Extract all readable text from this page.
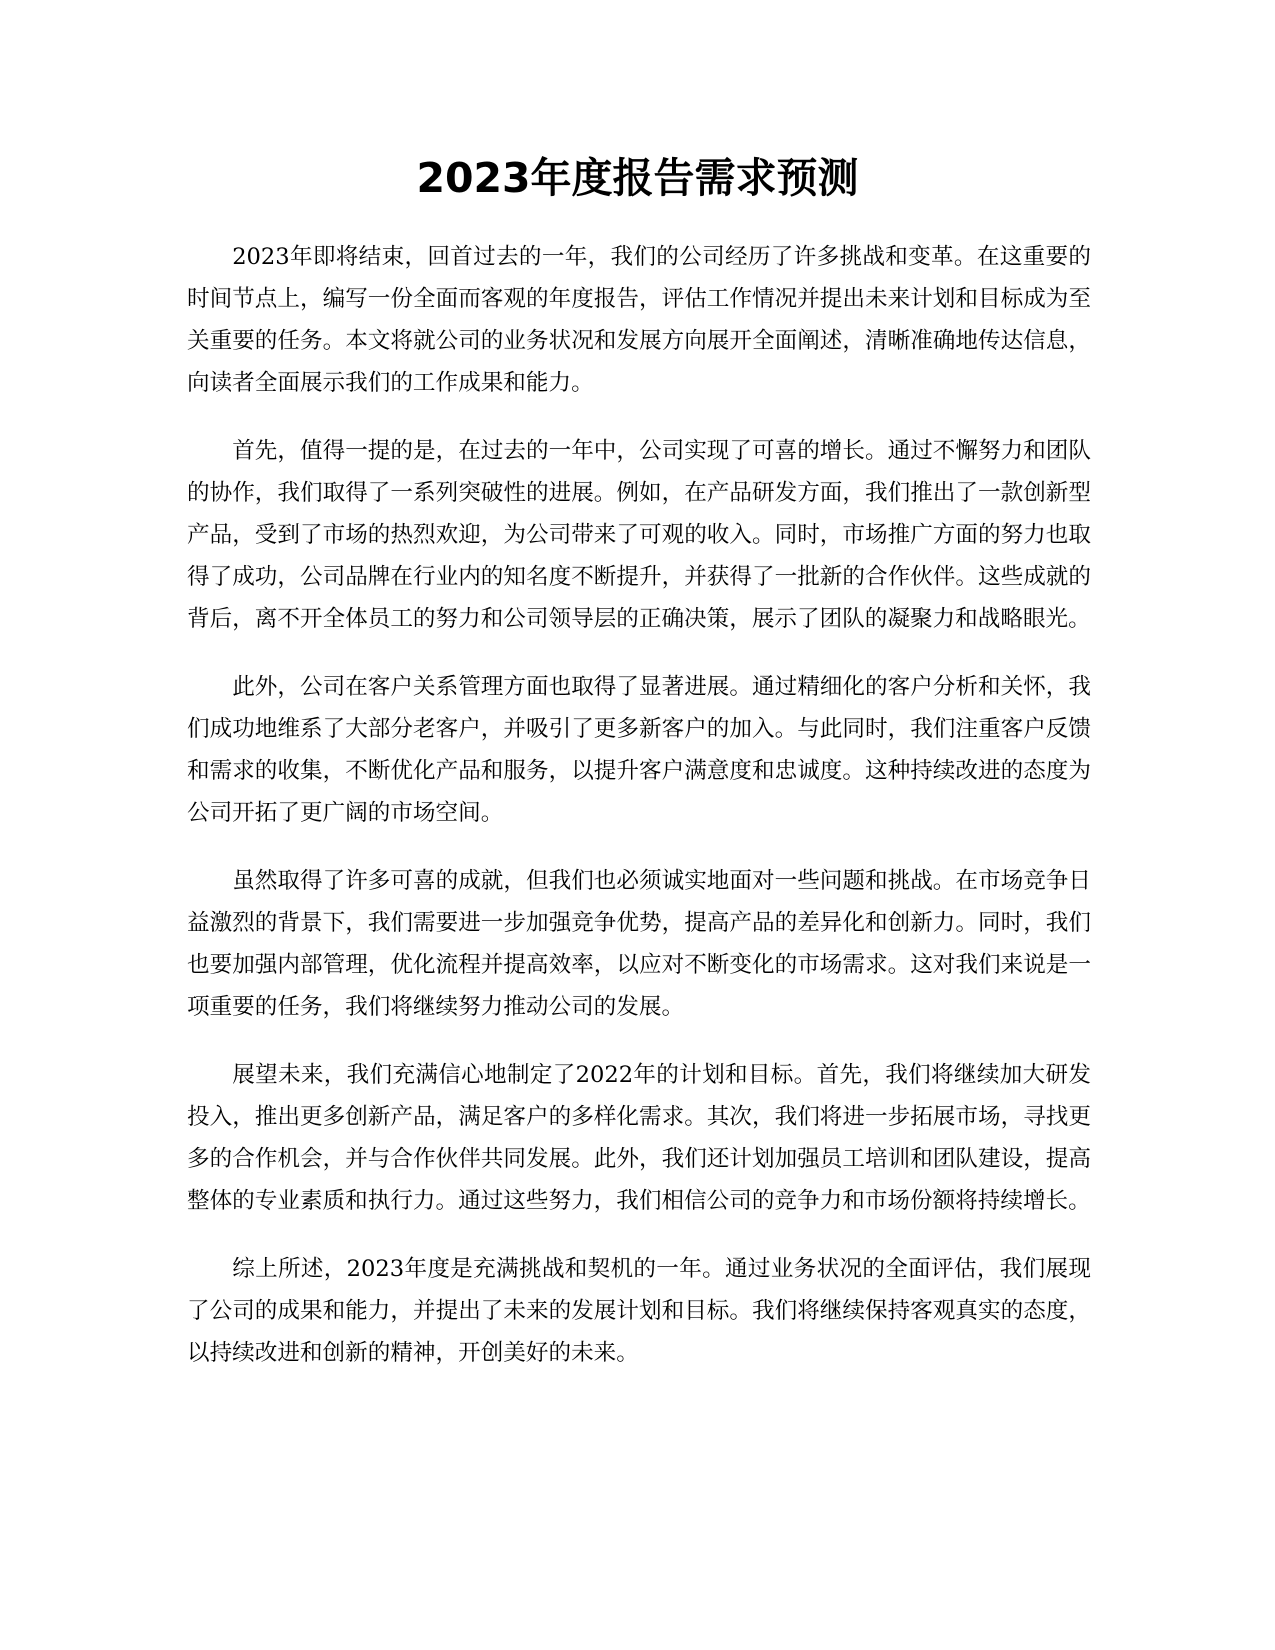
2023年度报告需求预测

2023年即将结束，回首过去的一年，我们的公司经历了许多挑战和变革。在这重要的时间节点上，编写一份全面而客观的年度报告，评估工作情况并提出未来计划和目标成为至关重要的任务。本文将就公司的业务状况和发展方向展开全面阐述，清晰准确地传达信息，向读者全面展示我们的工作成果和能力。

首先，值得一提的是，在过去的一年中，公司实现了可喜的增长。通过不懈努力和团队的协作，我们取得了一系列突破性的进展。例如，在产品研发方面，我们推出了一款创新型产品，受到了市场的热烈欢迎，为公司带来了可观的收入。同时，市场推广方面的努力也取得了成功，公司品牌在行业内的知名度不断提升，并获得了一批新的合作伙伴。这些成就的背后，离不开全体员工的努力和公司领导层的正确决策，展示了团队的凝聚力和战略眼光。

此外，公司在客户关系管理方面也取得了显著进展。通过精细化的客户分析和关怀，我们成功地维系了大部分老客户，并吸引了更多新客户的加入。与此同时，我们注重客户反馈和需求的收集，不断优化产品和服务，以提升客户满意度和忠诚度。这种持续改进的态度为公司开拓了更广阔的市场空间。

虽然取得了许多可喜的成就，但我们也必须诚实地面对一些问题和挑战。在市场竞争日益激烈的背景下，我们需要进一步加强竞争优势，提高产品的差异化和创新力。同时，我们也要加强内部管理，优化流程并提高效率，以应对不断变化的市场需求。这对我们来说是一项重要的任务，我们将继续努力推动公司的发展。

展望未来，我们充满信心地制定了2022年的计划和目标。首先，我们将继续加大研发投入，推出更多创新产品，满足客户的多样化需求。其次，我们将进一步拓展市场，寻找更多的合作机会，并与合作伙伴共同发展。此外，我们还计划加强员工培训和团队建设，提高整体的专业素质和执行力。通过这些努力，我们相信公司的竞争力和市场份额将持续增长。

综上所述，2023年度是充满挑战和契机的一年。通过业务状况的全面评估，我们展现了公司的成果和能力，并提出了未来的发展计划和目标。我们将继续保持客观真实的态度，以持续改进和创新的精神，开创美好的未来。
